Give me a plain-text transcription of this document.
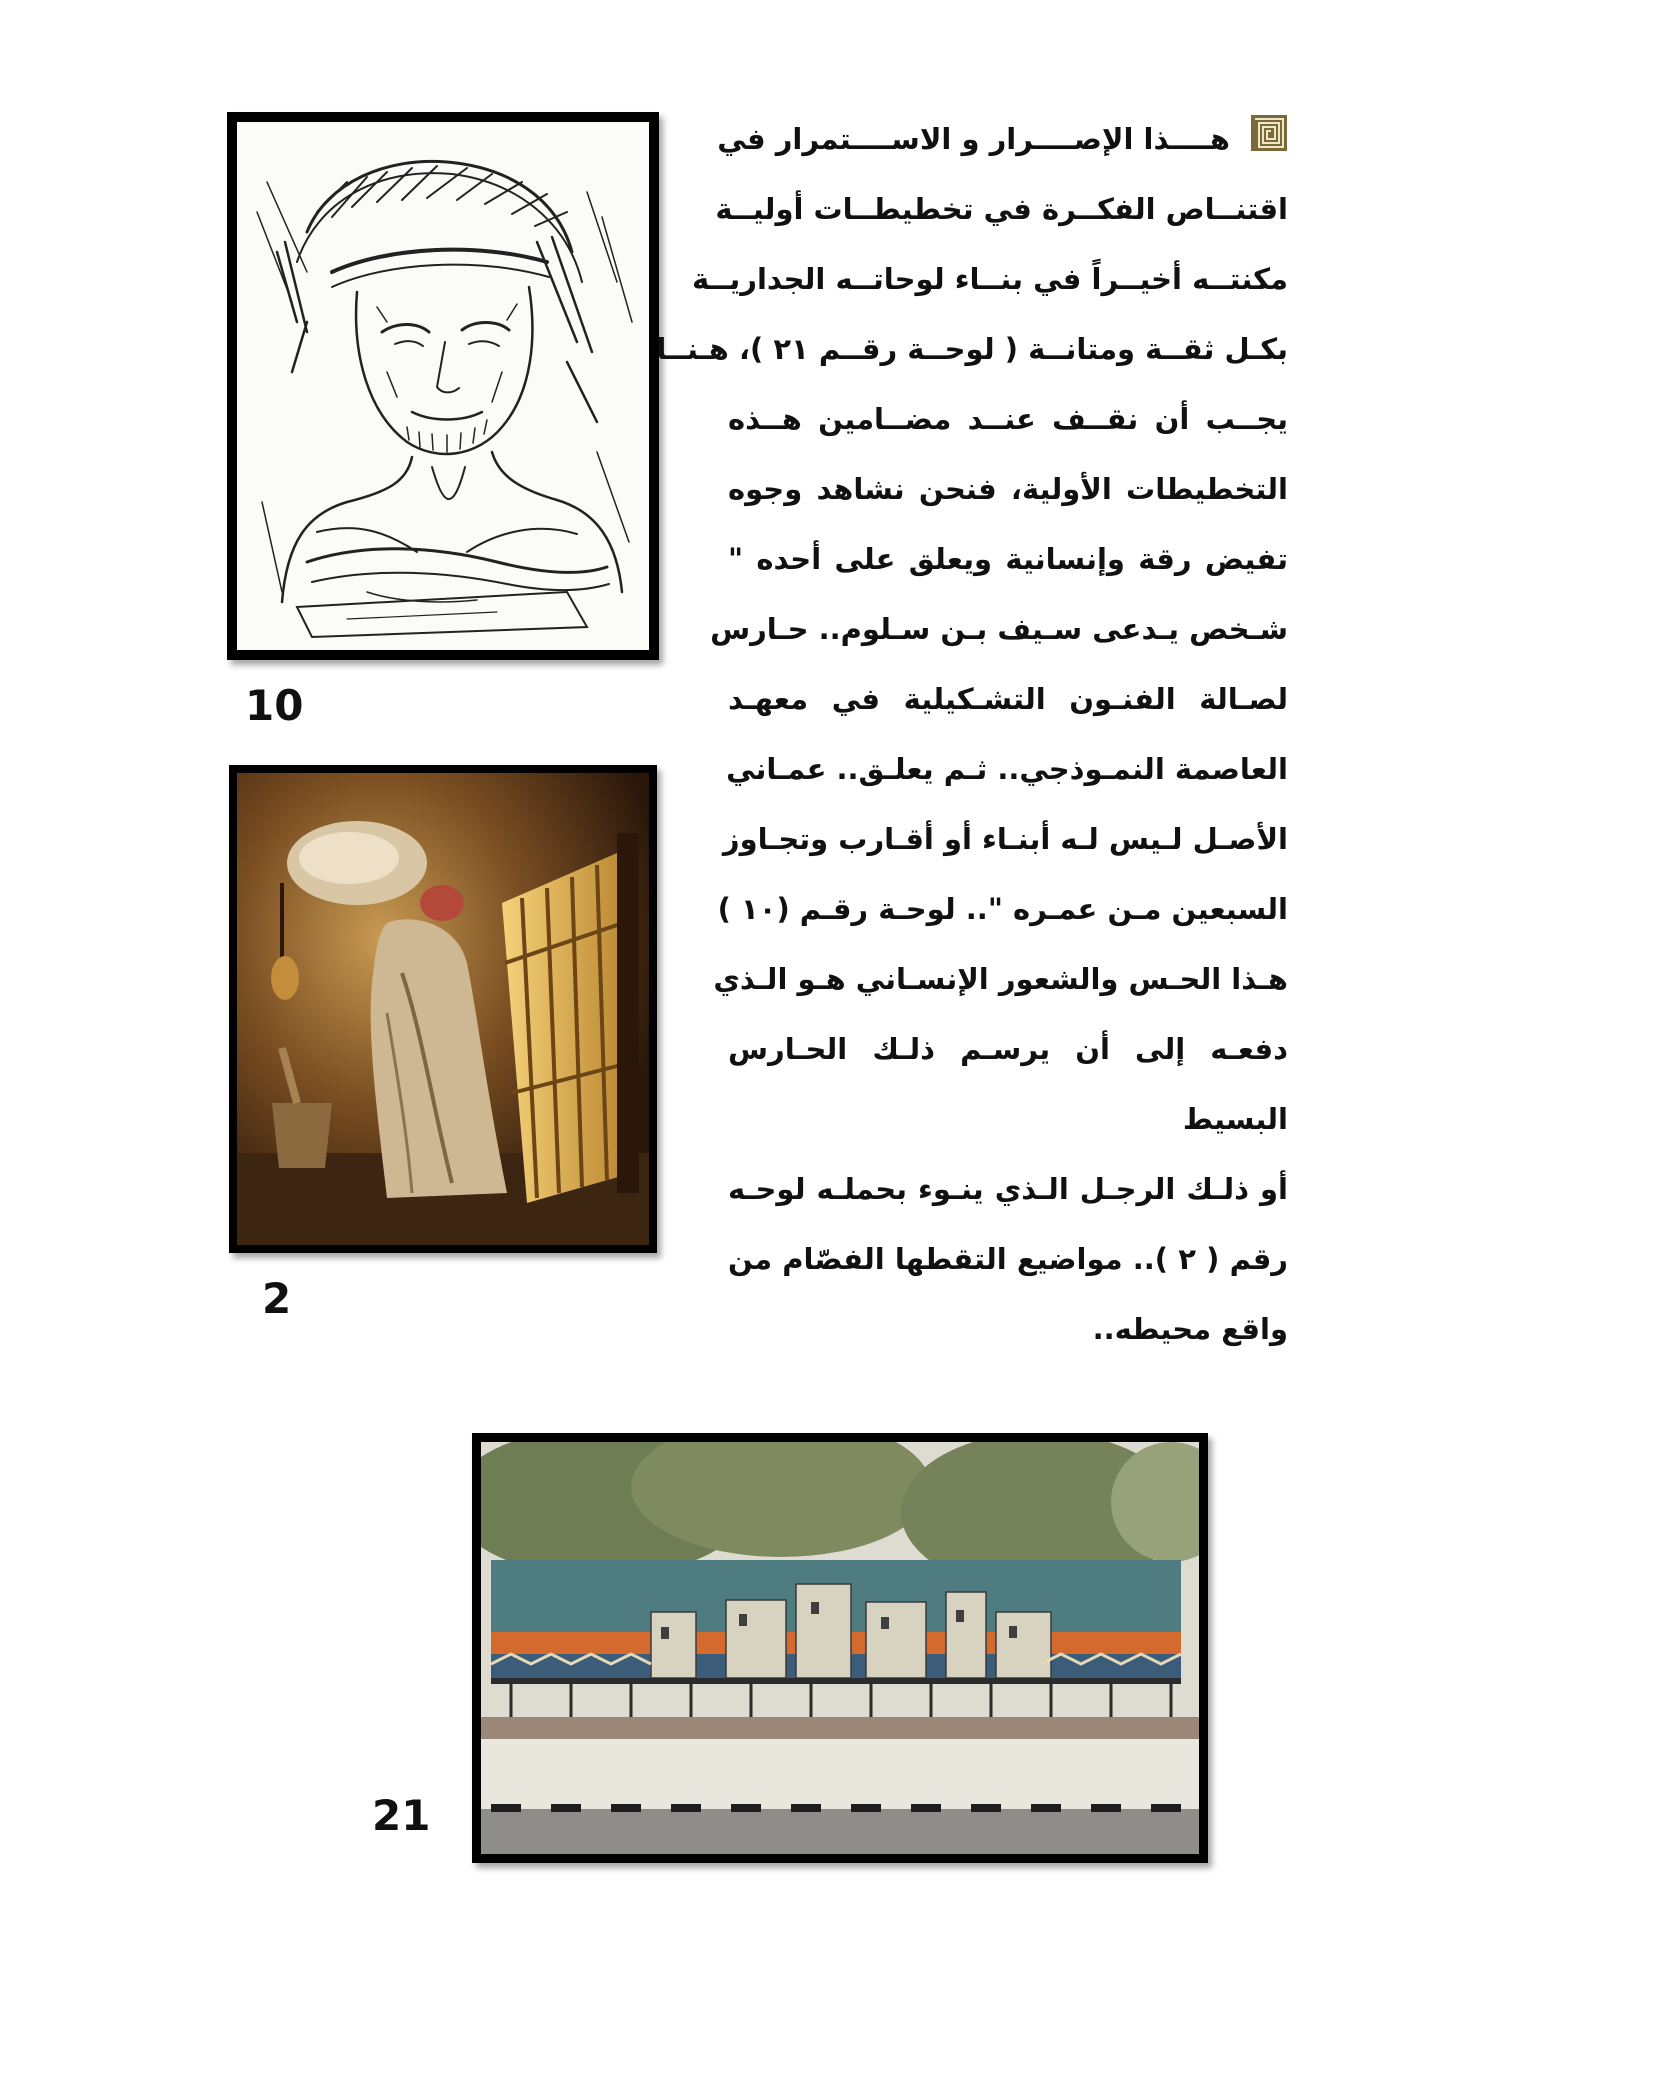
10
2
21
هــــذا الإصــــرار و الاســــتمرار في
اقتنــاص الفكــرة في تخطيطــات أوليــة
مكنتــه أخيــراً في بنــاء لوحاتــه الجداريــة
بكـل ثقــة ومتانــة ( لوحــة رقــم ٢١ )، هـنــا
يجــب أن نقــف عنــد مضــامين هــذه
التخطيطات الأولية، فنحن نشاهد وجوه
تفيض رقة وإنسانية ويعلق على أحده "
شـخص يـدعى سـيف بـن سـلوم.. حـارس
لصـالة الفنـون التشـكيلية في معهـد
العاصمة النمـوذجي.. ثـم يعلـق.. عمـاني
الأصـل لـيس لـه أبنـاء أو أقـارب وتجـاوز
السبعين مـن عمـره ".. لوحـة رقـم (١٠ )
هـذا الحـس والشعور الإنسـاني هـو الـذي
دفعـه إلى أن يرسـم ذلـك الحـارس
البسيط
أو ذلـك الرجـل الـذي ينـوء بحملـه لوحـه
رقم ( ٢ ).. مواضيع التقطها الفصّام من
واقع محيطه..
